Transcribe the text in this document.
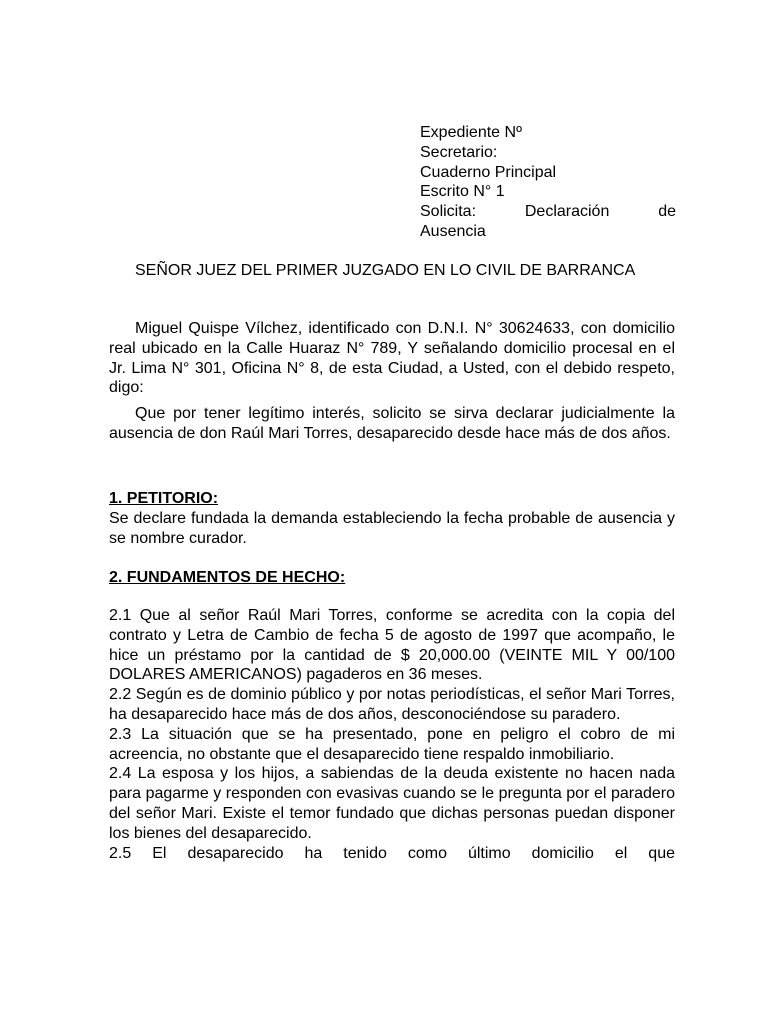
Expediente Nº
Secretario:
Cuaderno Principal
Escrito N° 1
Solicita: Declaración de
Ausencia

SEÑOR JUEZ DEL PRIMER JUZGADO EN LO CIVIL DE BARRANCA

Miguel Quispe Vílchez, identificado con D.N.I. N° 30624633, con domicilio real ubicado en la Calle Huaraz N° 789, Y señalando domicilio procesal en el Jr. Lima N° 301, Oficina N° 8, de esta Ciudad, a Usted, con el debido respeto, digo:

Que por tener legítimo interés, solicito se sirva declarar judicialmente la ausencia de don Raúl Mari Torres, desaparecido desde hace más de dos años.

1. PETITORIO:

Se declare fundada la demanda estableciendo la fecha probable de ausencia y se nombre curador.

2. FUNDAMENTOS DE HECHO:

2.1 Que al señor Raúl Mari Torres, conforme se acredita con la copia del contrato y Letra de Cambio de fecha 5 de agosto de 1997 que acompaño, le hice un préstamo por la cantidad de $ 20,000.00 (VEINTE MIL Y 00/100 DOLARES AMERICANOS) pagaderos en 36 meses.

2.2 Según es de dominio público y por notas periodísticas, el señor Mari Torres, ha desaparecido hace más de dos años, desconociéndose su paradero.

2.3 La situación que se ha presentado, pone en peligro el cobro de mi acreencia, no obstante que el desaparecido tiene respaldo inmobiliario.

2.4 La esposa y los hijos, a sabiendas de la deuda existente no hacen nada para pagarme y responden con evasivas cuando se le pregunta por el paradero del señor Mari. Existe el temor fundado que dichas personas puedan disponer los bienes del desaparecido.

2.5 El desaparecido ha tenido como último domicilio el que
